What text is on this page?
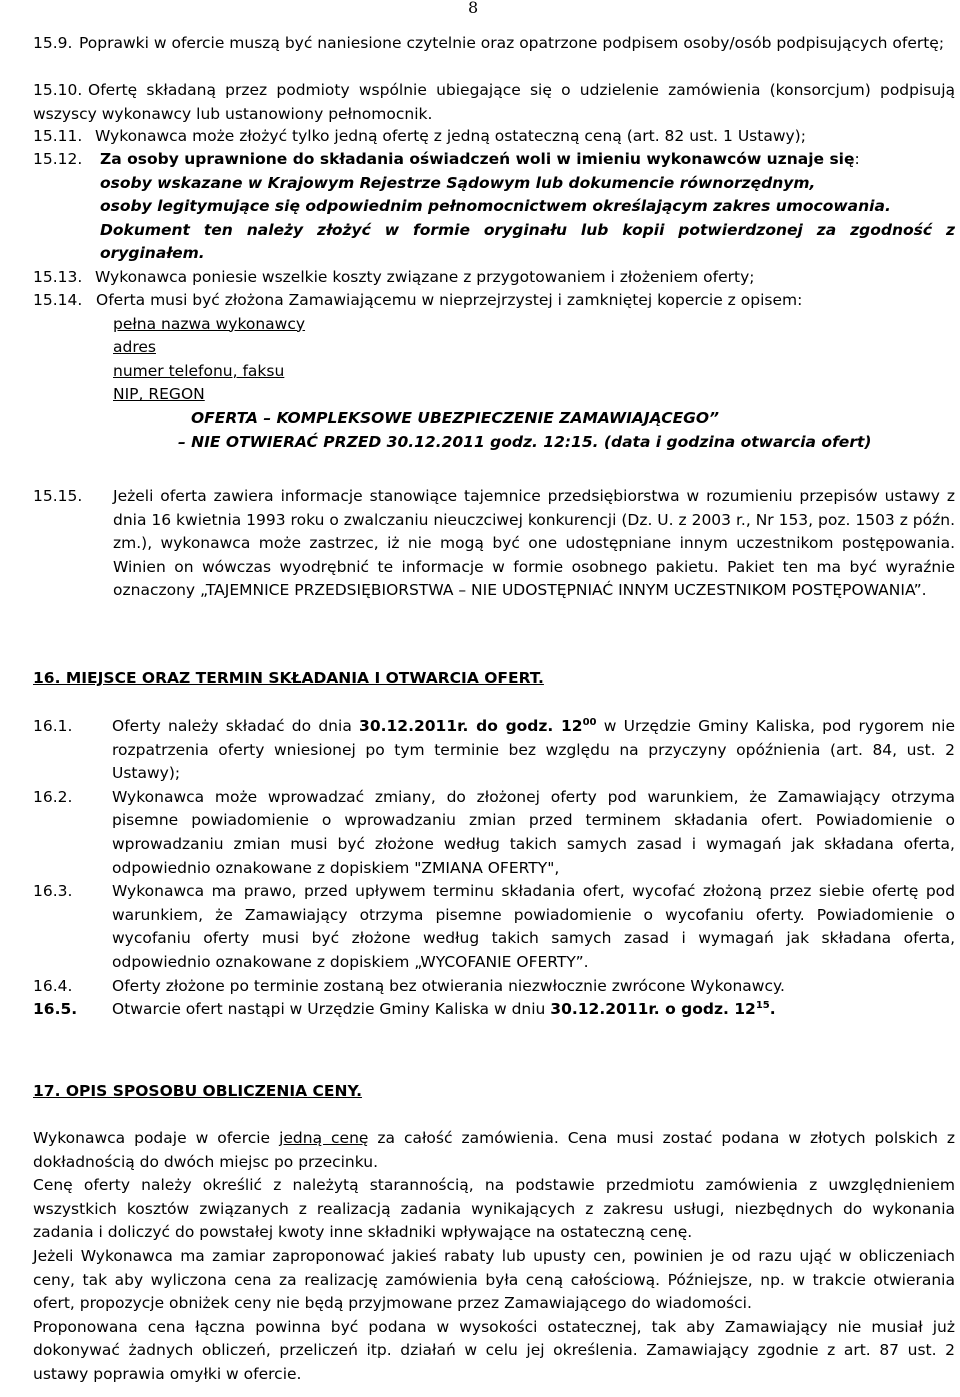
8
15.9. Poprawki w ofercie muszą być naniesione czytelnie oraz opatrzone podpisem osoby/osób podpisujących ofertę;
15.10. Ofertę składaną przez podmioty wspólnie ubiegające się o udzielenie zamówienia (konsorcjum) podpisują wszyscy wykonawcy lub ustanowiony pełnomocnik.
15.11. Wykonawca może złożyć tylko jedną ofertę z jedną ostateczną ceną (art. 82 ust. 1 Ustawy);
15.12. Za osoby uprawnione do składania oświadczeń woli w imieniu wykonawców uznaje się:
osoby wskazane w Krajowym Rejestrze Sądowym lub dokumencie równorzędnym,
osoby legitymujące się odpowiednim pełnomocnictwem określającym zakres umocowania.
Dokument ten należy złożyć w formie oryginału lub kopii potwierdzonej za zgodność z oryginałem.
15.13. Wykonawca poniesie wszelkie koszty związane z przygotowaniem i złożeniem oferty;
15.14. Oferta musi być złożona Zamawiającemu w nieprzejrzystej i zamkniętej kopercie z opisem:
pełna nazwa wykonawcy
adres
numer telefonu, faksu
NIP, REGON
OFERTA – KOMPLEKSOWE UBEZPIECZENIE ZAMAWIAJĄCEGO”
– NIE OTWIERAĆ PRZED 30.12.2011 godz. 12:15. (data i godzina otwarcia ofert)
15.15. Jeżeli oferta zawiera informacje stanowiące tajemnice przedsiębiorstwa w rozumieniu przepisów ustawy z dnia 16 kwietnia 1993 roku o zwalczaniu nieuczciwej konkurencji (Dz. U. z 2003 r., Nr 153, poz. 1503 z późn. zm.), wykonawca może zastrzec, iż nie mogą być one udostępniane innym uczestnikom postępowania. Winien on wówczas wyodrębnić te informacje w formie osobnego pakietu. Pakiet ten ma być wyraźnie oznaczony „TAJEMNICE PRZEDSIĘBIORSTWA – NIE UDOSTĘPNIAĆ INNYM UCZESTNIKOM POSTĘPOWANIA”.
16. MIEJSCE ORAZ TERMIN SKŁADANIA I OTWARCIA OFERT.
16.1.	Oferty należy składać do dnia 30.12.2011r. do godz. $12^{00}$ w Urzędzie Gminy Kaliska, pod rygorem nie rozpatrzenia oferty wniesionej po tym terminie bez względu na przyczyny opóźnienia (art. 84, ust. 2 Ustawy);
16.2.	Wykonawca może wprowadzać zmiany, do złożonej oferty pod warunkiem, że Zamawiający otrzyma pisemne powiadomienie o wprowadzaniu zmian przed terminem składania ofert. Powiadomienie o wprowadzaniu zmian musi być złożone według takich samych zasad i wymagań jak składana oferta, odpowiednio oznakowane z dopiskiem "ZMIANA OFERTY",
16.3.	Wykonawca ma prawo, przed upływem terminu składania ofert, wycofać złożoną przez siebie ofertę pod warunkiem, że Zamawiający otrzyma pisemne powiadomienie o wycofaniu oferty. Powiadomienie o wycofaniu oferty musi być złożone według takich samych zasad i wymagań jak składana oferta, odpowiednio oznakowane z dopiskiem „WYCOFANIE OFERTY”.
16.4.	Oferty złożone po terminie zostaną bez otwierania niezwłocznie zwrócone Wykonawcy.
16.5. Otwarcie ofert nastąpi w Urzędzie Gminy Kaliska w dniu 30.12.2011r. o godz. $12^{15}$.
17. OPIS SPOSOBU OBLICZENIA CENY.
Wykonawca podaje w ofercie jedną cenę za całość zamówienia. Cena musi zostać podana w złotych polskich z dokładnością do dwóch miejsc po przecinku.
Cenę oferty należy określić z należytą starannością, na podstawie przedmiotu zamówienia z uwzględnieniem wszystkich kosztów związanych z realizacją zadania wynikających z zakresu usługi, niezbędnych do wykonania zadania i doliczyć do powstałej kwoty inne składniki wpływające na ostateczną cenę.
Jeżeli Wykonawca ma zamiar zaproponować jakieś rabaty lub upusty cen, powinien je od razu ująć w obliczeniach ceny, tak aby wyliczona cena za realizację zamówienia była ceną całościową. Późniejsze, np. w trakcie otwierania ofert, propozycje obniżek ceny nie będą przyjmowane przez Zamawiającego do wiadomości.
Proponowana cena łączna powinna być podana w wysokości ostatecznej, tak aby Zamawiający nie musiał już dokonywać żadnych obliczeń, przeliczeń itp. działań w celu jej określenia. Zamawiający zgodnie z art. 87 ust. 2 ustawy poprawia omyłki w ofercie.
